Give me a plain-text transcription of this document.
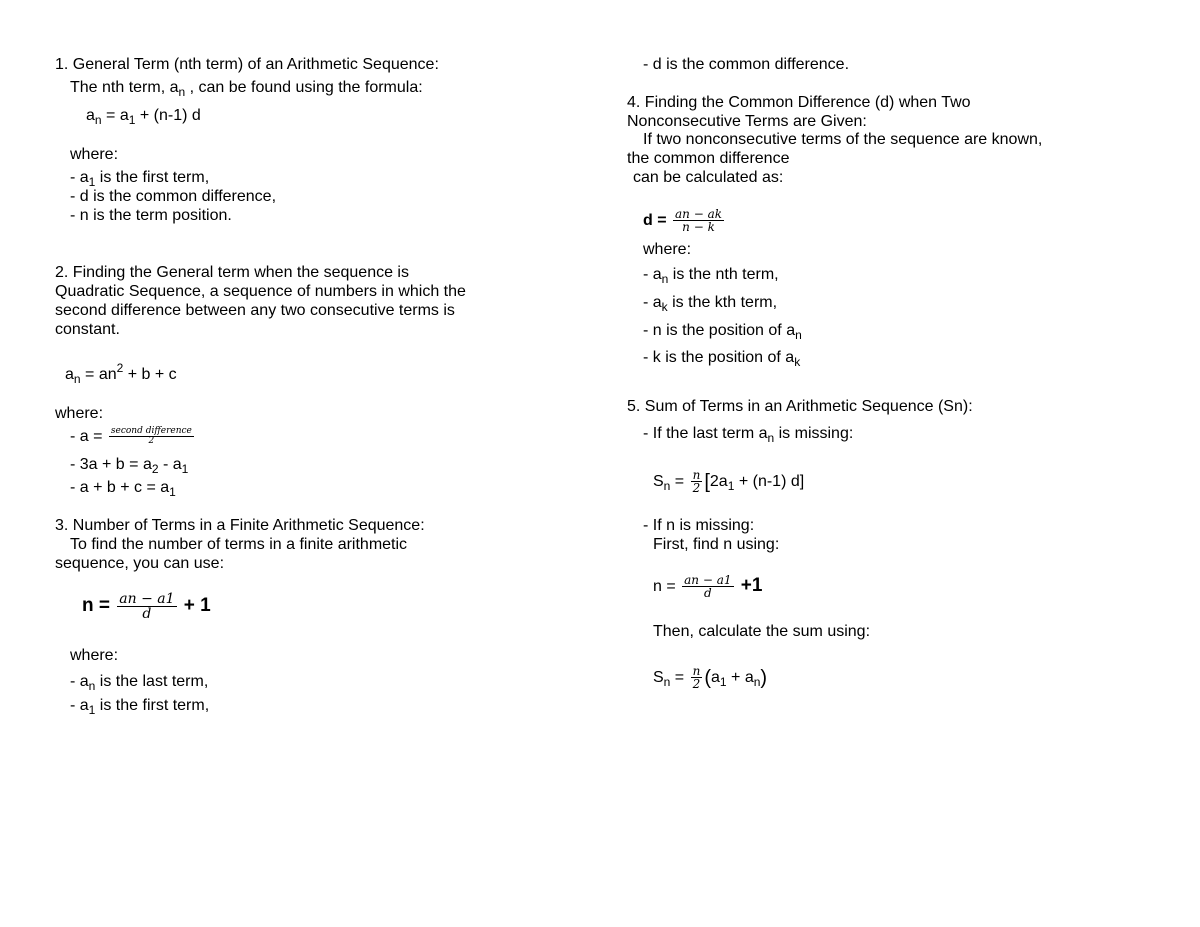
1. General Term (nth term) of an Arithmetic Sequence:
The nth term, $a_n$ , can be found using the formula:
$a_n = a_1 + (n-1)$ d
where:
- $a_1$ is the first term,
- d is the common difference,
- n is the term position.
2. Finding the General term when the sequence is
Quadratic Sequence, a sequence of numbers in which the
second difference between any two consecutive terms is
constant.
$a_n = an^2 + b + c$
where:
- $a = \frac{\text{second difference}}{2}$
- $3a + b = a_2 - a_1$
- $a + b + c = a_1$
3. Number of Terms in a Finite Arithmetic Sequence:
To find the number of terms in a finite arithmetic
sequence, you can use:
$n = \frac{an - a1}{d} + 1$
where:
- $a_n$ is the last term,
- $a_1$ is the first term,
- d is the common difference.
4. Finding the Common Difference (d) when Two
Nonconsecutive Terms are Given:
If two nonconsecutive terms of the sequence are known,
the common difference
can be calculated as:
$d = \frac{an - ak}{n - k}$
where:
- $a_n$ is the nth term,
- $a_k$ is the kth term,
- n is the position of $a_n$
- k is the position of $a_k$
5. Sum of Terms in an Arithmetic Sequence (Sn):
- If the last term $a_n$ is missing:
$S_n = \frac{n}{2} [2a_1 + (n-1)$ d]
- If n is missing:
First, find n using:
$n = \frac{an - a1}{d} +1$
Then, calculate the sum using:
$S_n = \frac{n}{2} (a_1 + a_n)$
